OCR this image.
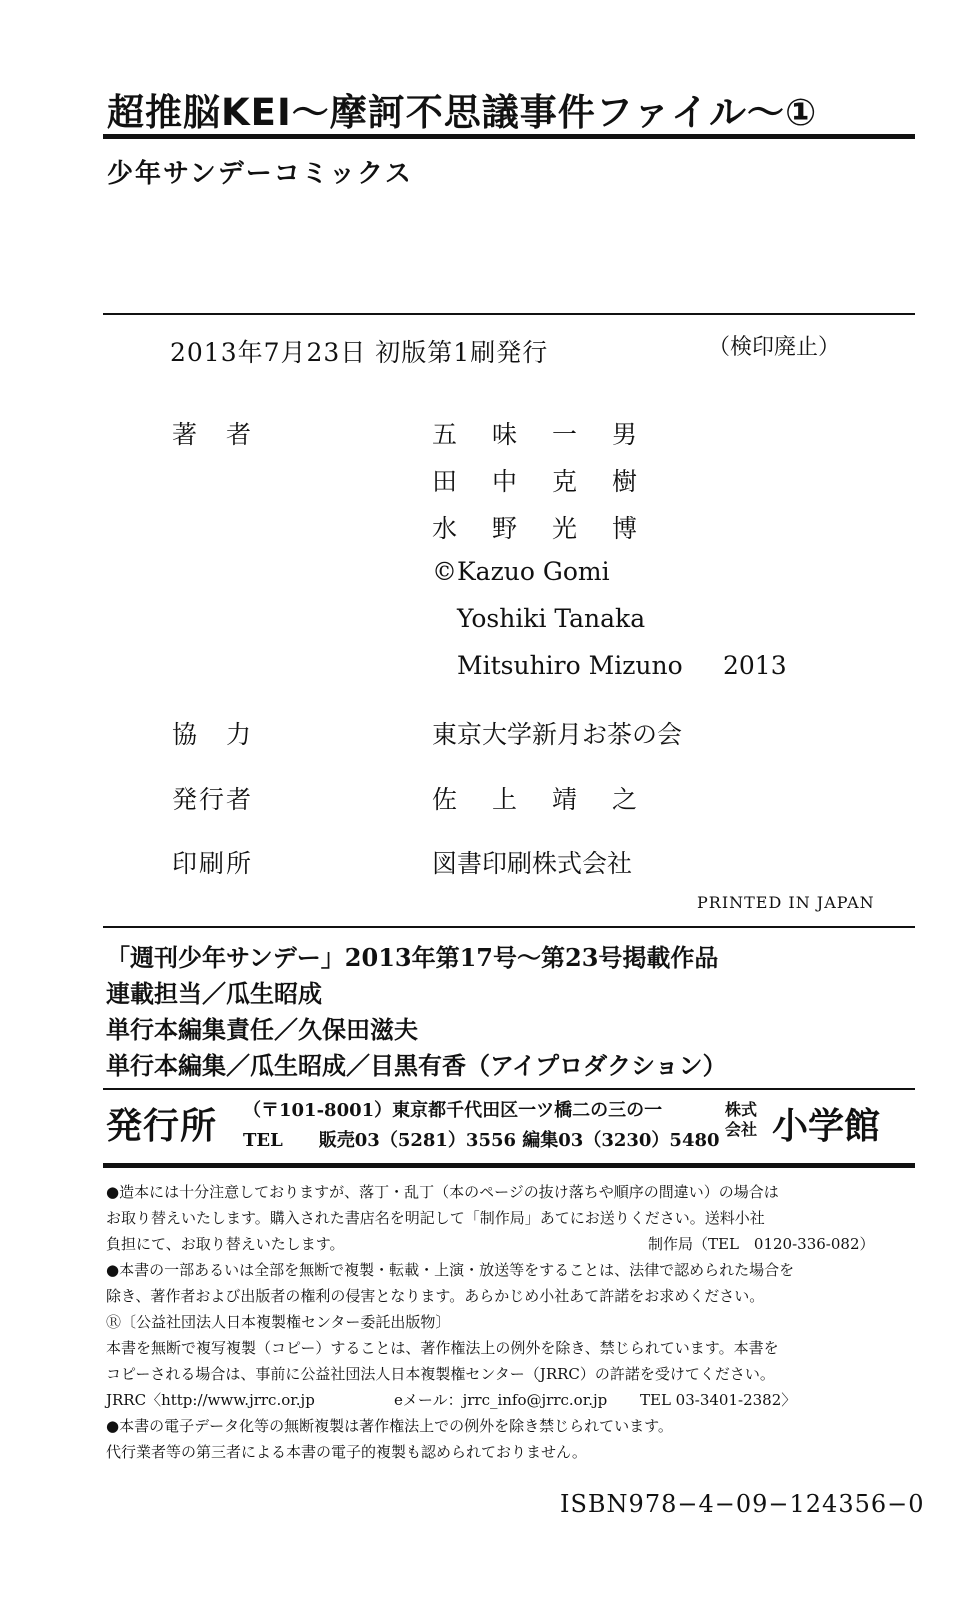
超推脳KEI～摩訶不思議事件ファイル～①
少年サンデーコミックス
2013年7月23日 初版第1刷発行	（検印廃止）
著　者	五 味 一 男
田 中 克 樹
水 野 光 博
©Kazuo Gomi
Yoshiki Tanaka
Mitsuhiro Mizuno 2013
協　力	東京大学新月お茶の会
発行者	佐 上 靖 之
印刷所	図書印刷株式会社
PRINTED IN JAPAN
「週刊少年サンデー」2013年第17号～第23号掲載作品
連載担当／瓜生昭成
単行本編集責任／久保田滋夫
単行本編集／瓜生昭成／目黒有香（アイプロダクション）
発行所 （〒101-8001）東京都千代田区一ツ橋二の三の一
TEL　　販売03（5281）3556 編集03（3230）5480
株式
会社 小学館
●造本には十分注意しておりますが、落丁・乱丁（本のページの抜け落ちや順序の間違い）の場合は
お取り替えいたします。購入された書店名を明記して「制作局」あてにお送りください。送料小社
負担にて、お取り替えいたします。	制作局（TEL　0120-336-082）
●本書の一部あるいは全部を無断で複製・転載・上演・放送等をすることは、法律で認められた場合を
除き、著作者および出版者の権利の侵害となります。あらかじめ小社あて許諾をお求めください。
Ⓡ〔公益社団法人日本複製権センター委託出版物〕
本書を無断で複写複製（コピー）することは、著作権法上の例外を除き、禁じられています。本書を
コピーされる場合は、事前に公益社団法人日本複製権センター（JRRC）の許諾を受けてください。
JRRC〈http://www.jrrc.or.jp	eメール：jrrc_info@jrrc.or.jp TEL 03-3401-2382〉
●本書の電子データ化等の無断複製は著作権法上での例外を除き禁じられています。
代行業者等の第三者による本書の電子的複製も認められておりません。
ISBN978−4−09−124356−0
